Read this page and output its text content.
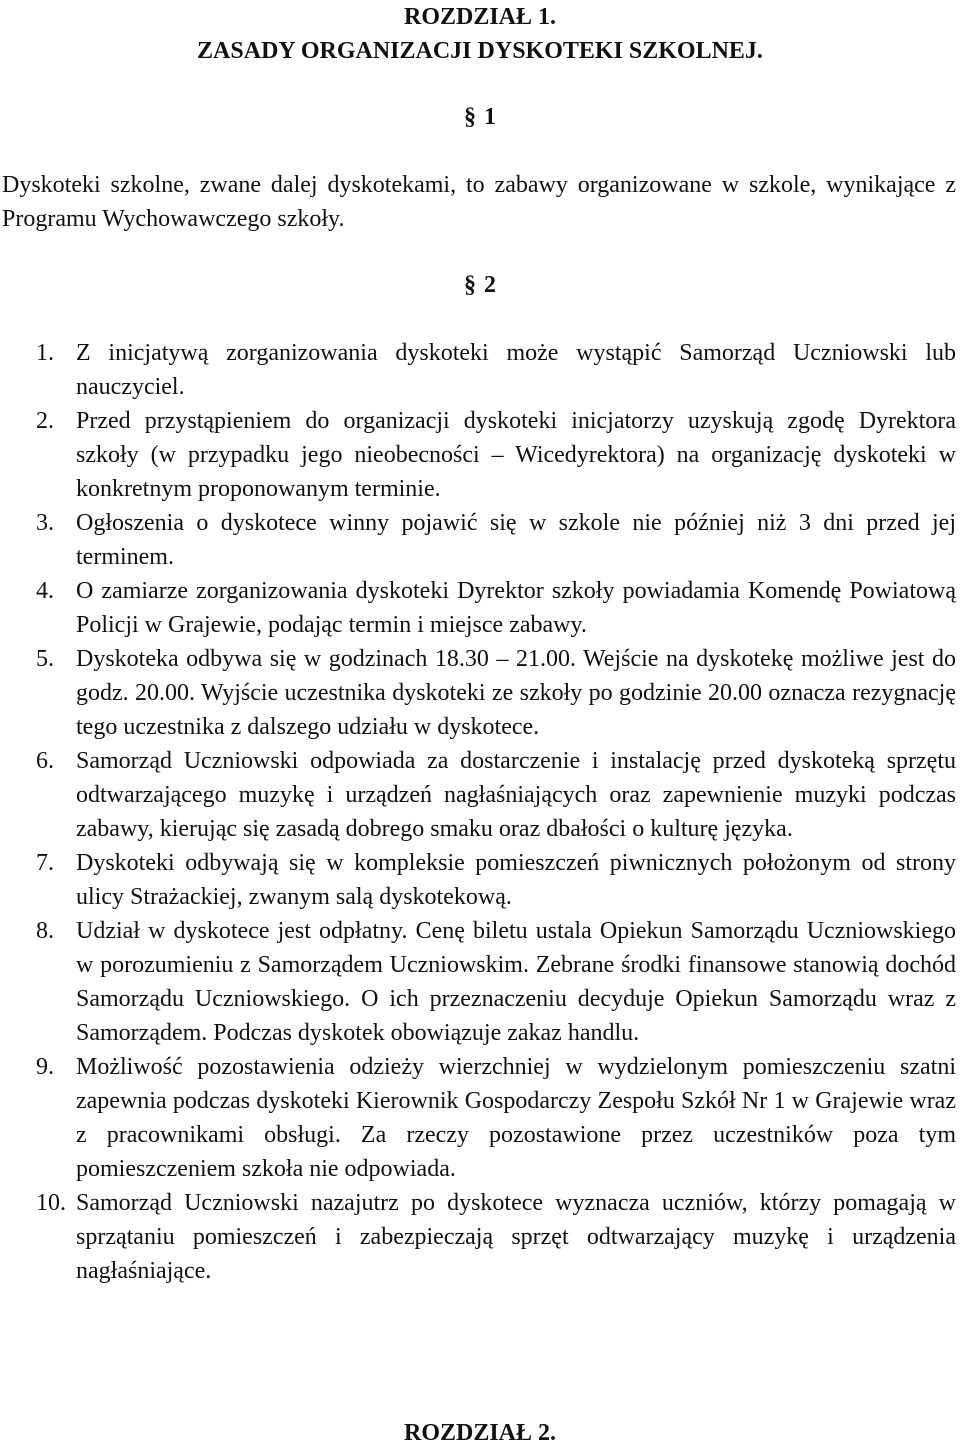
ROZDZIAŁ 1.
ZASADY ORGANIZACJI DYSKOTEKI SZKOLNEJ.
§ 1

Dyskoteki szkolne, zwane dalej dyskotekami, to zabawy organizowane w szkole, wynikające z Programu Wychowawczego szkoły.

§ 2
1. Z inicjatywą zorganizowania dyskoteki może wystąpić Samorząd Uczniowski lub nauczyciel.
2. Przed przystąpieniem do organizacji dyskoteki inicjatorzy uzyskują zgodę Dyrektora szkoły (w przypadku jego nieobecności – Wicedyrektora) na organizację dyskoteki w konkretnym proponowanym terminie.
3. Ogłoszenia o dyskotece winny pojawić się w szkole nie później niż 3 dni przed jej terminem.
4. O zamiarze zorganizowania dyskoteki Dyrektor szkoły powiadamia Komendę Powiatową Policji w Grajewie, podając termin i miejsce zabawy.
5. Dyskoteka odbywa się w godzinach 18.30 – 21.00. Wejście na dyskotekę możliwe jest do godz. 20.00. Wyjście uczestnika dyskoteki ze szkoły po godzinie 20.00 oznacza rezygnację tego uczestnika z dalszego udziału w dyskotece.
6. Samorząd Uczniowski odpowiada za dostarczenie i instalację przed dyskoteką sprzętu odtwarzającego muzykę i urządzeń nagłaśniających oraz zapewnienie muzyki podczas zabawy, kierując się zasadą dobrego smaku oraz dbałości o kulturę języka.
7. Dyskoteki odbywają się w kompleksie pomieszczeń piwnicznych położonym od strony ulicy Strażackiej, zwanym salą dyskotekową.
8. Udział w dyskotece jest odpłatny. Cenę biletu ustala Opiekun Samorządu Uczniowskiego w porozumieniu z Samorządem Uczniowskim. Zebrane środki finansowe stanowią dochód Samorządu Uczniowskiego. O ich przeznaczeniu decyduje Opiekun Samorządu wraz z Samorządem. Podczas dyskotek obowiązuje zakaz handlu.
9. Możliwość pozostawienia odzieży wierzchniej w wydzielonym pomieszczeniu szatni zapewnia podczas dyskoteki Kierownik Gospodarczy Zespołu Szkół Nr 1 w Grajewie wraz z pracownikami obsługi. Za rzeczy pozostawione przez uczestników poza tym pomieszczeniem szkoła nie odpowiada.
10. Samorząd Uczniowski nazajutrz po dyskotece wyznacza uczniów, którzy pomagają w sprzątaniu pomieszczeń i zabezpieczają sprzęt odtwarzający muzykę i urządzenia nagłaśniające.
ROZDZIAŁ 2.
